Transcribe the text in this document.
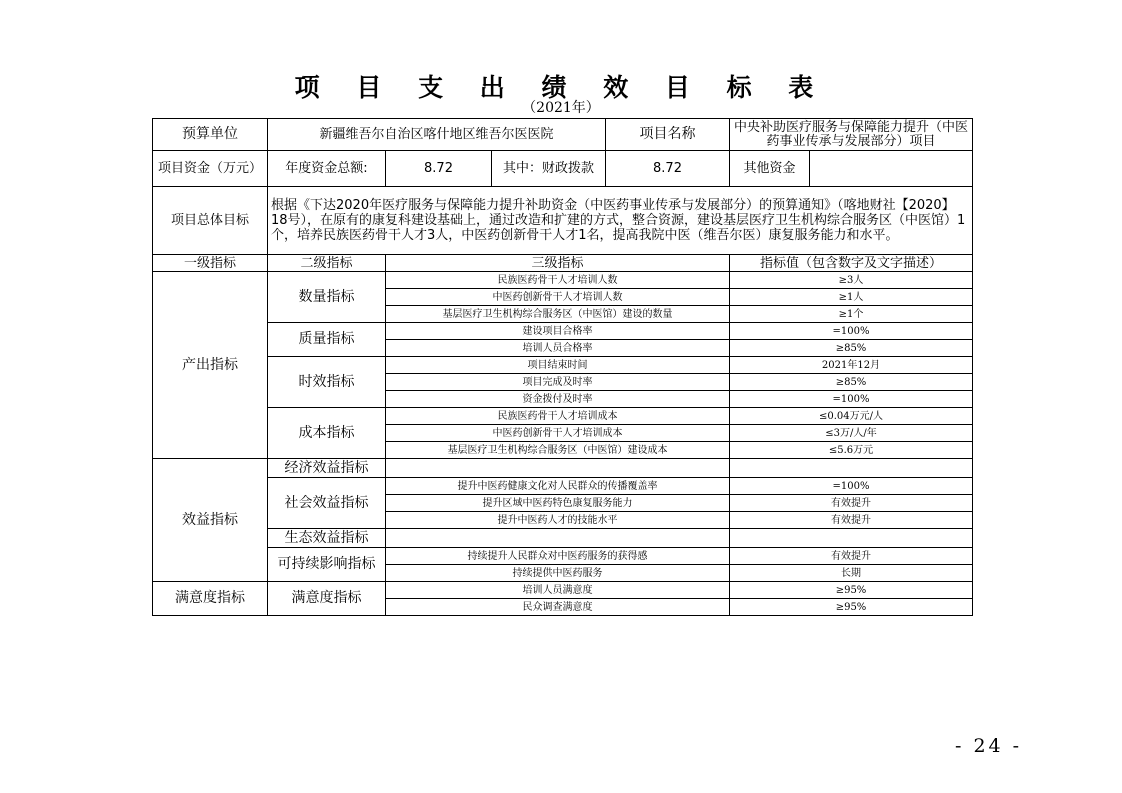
项 目 支 出 绩 效 目 标 表
（2021年）
预算单位	新疆维吾尔自治区喀什地区维吾尔医医院			项目名称	中央补助医疗服务与保障能力提升（中医药事业传承与发展部分）项目	
项目资金（万元）	年度资金总额:	8.72	其中：财政拨款	8.72	其他资金	
项目总体目标	根据《下达2020年医疗服务与保障能力提升补助资金（中医药事业传承与发展部分）的预算通知》（喀地财社【2020】18号），在原有的康复科建设基础上，通过改造和扩建的方式，整合资源，建设基层医疗卫生机构综合服务区（中医馆）1个，培养民族医药骨干人才3人，中医药创新骨干人才1名，提高我院中医（维吾尔医）康复服务能力和水平。					
一级指标	二级指标	三级指标			指标值（包含数字及文字描述）	
产出指标	数量指标	民族医药骨干人才培训人数			≥3人	
		中医药创新骨干人才培训人数			≥1人	
		基层医疗卫生机构综合服务区（中医馆）建设的数量			≥1个	
	质量指标	建设项目合格率			=100%	
		培训人员合格率			≥85%	
	时效指标	项目结束时间			2021年12月	
		项目完成及时率			≥85%	
		资金拨付及时率			=100%	
	成本指标	民族医药骨干人才培训成本			≤0.04万元/人	
		中医药创新骨干人才培训成本			≤3万/人/年	
		基层医疗卫生机构综合服务区（中医馆）建设成本			≤5.6万元	
效益指标	经济效益指标					
	社会效益指标	提升中医药健康文化对人民群众的传播覆盖率			=100%	
		提升区域中医药特色康复服务能力			有效提升	
		提升中医药人才的技能水平			有效提升	
	生态效益指标					
	可持续影响指标	持续提升人民群众对中医药服务的获得感			有效提升	
		持续提供中医药服务			长期	
满意度指标	满意度指标	培训人员满意度			≥95%	
		民众调查满意度			≥95%	
- 24 -
